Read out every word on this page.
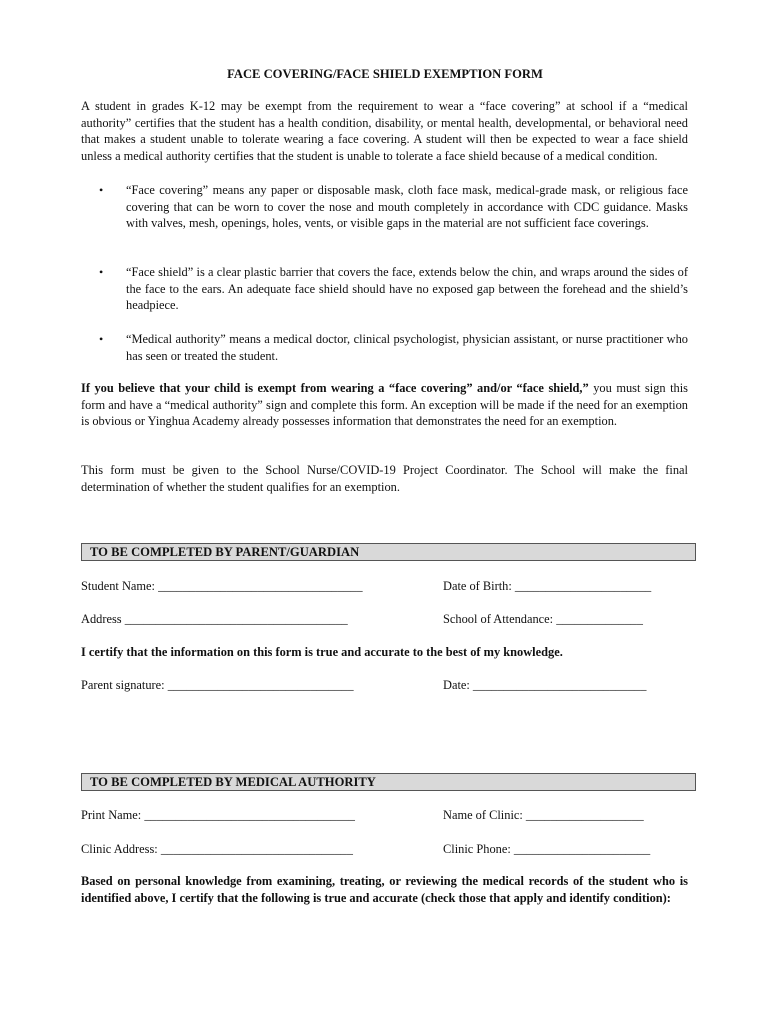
FACE COVERING/FACE SHIELD EXEMPTION FORM

A student in grades K-12 may be exempt from the requirement to wear a “face covering” at school if a “medical authority” certifies that the student has a health condition, disability, or mental health, developmental, or behavioral need that makes a student unable to tolerate wearing a face covering. A student will then be expected to wear a face shield unless a medical authority certifies that the student is unable to tolerate a face shield because of a medical condition.

• “Face covering” means any paper or disposable mask, cloth face mask, medical-grade mask, or religious face covering that can be worn to cover the nose and mouth completely in accordance with CDC guidance. Masks with valves, mesh, openings, holes, vents, or visible gaps in the material are not sufficient face coverings.
• “Face shield” is a clear plastic barrier that covers the face, extends below the chin, and wraps around the sides of the face to the ears. An adequate face shield should have no exposed gap between the forehead and the shield’s headpiece.
• “Medical authority” means a medical doctor, clinical psychologist, physician assistant, or nurse practitioner who has seen or treated the student.

If you believe that your child is exempt from wearing a “face covering” and/or “face shield,” you must sign this form and have a “medical authority” sign and complete this form. An exception will be made if the need for an exemption is obvious or Yinghua Academy already possesses information that demonstrates the need for an exemption.

This form must be given to the School Nurse/COVID-19 Project Coordinator. The School will make the final determination of whether the student qualifies for an exemption.

TO BE COMPLETED BY PARENT/GUARDIAN
Student Name: _________________________________	Date of Birth: ______________________
Address ____________________________________	School of Attendance: ______________
I certify that the information on this form is true and accurate to the best of my knowledge.
Parent signature: ______________________________	Date: ____________________________
TO BE COMPLETED BY MEDICAL AUTHORITY
Print Name: __________________________________	Name of Clinic: ___________________
Clinic Address: _______________________________	Clinic Phone: ______________________

Based on personal knowledge from examining, treating, or reviewing the medical records of the student who is identified above, I certify that the following is true and accurate (check those that apply and identify condition):
